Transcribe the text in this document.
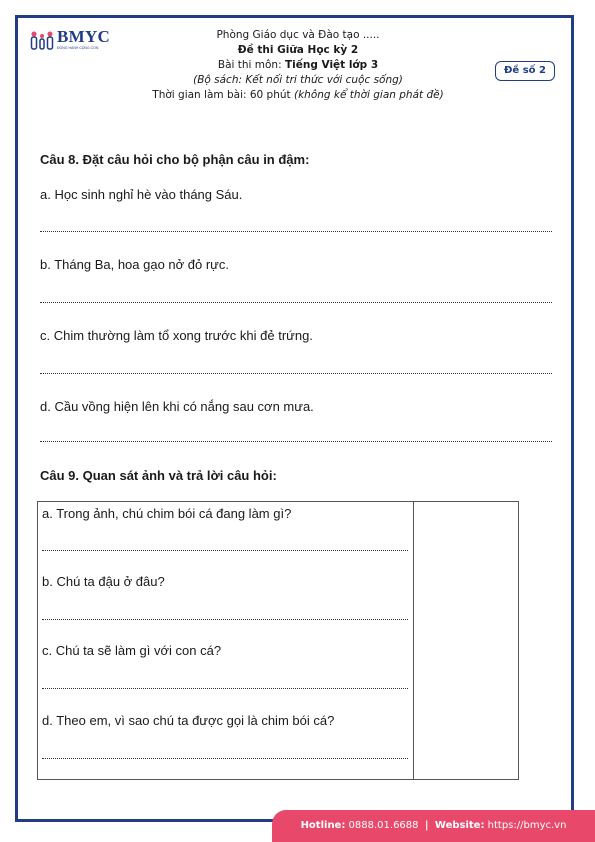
BMYC
ĐỒNG HÀNH CÙNG CON
Phòng Giáo dục và Đào tạo .....
Đề thi Giữa Học kỳ 2
Bài thi môn: Tiếng Việt lớp 3
(Bộ sách: Kết nối tri thức với cuộc sống)
Thời gian làm bài: 60 phút (không kể thời gian phát đề)
Đề số 2
Câu 8. Đặt câu hỏi cho bộ phận câu in đậm:
a. Học sinh nghỉ hè vào tháng Sáu.
b. Tháng Ba, hoa gạo nở đỏ rực.
c. Chim thường làm tổ xong trước khi đẻ trứng.
d. Cầu vồng hiện lên khi có nắng sau cơn mưa.
Câu 9. Quan sát ảnh và trả lời câu hỏi:
a. Trong ảnh, chú chim bói cá đang làm gì?
b. Chú ta đậu ở đâu?
c. Chú ta sẽ làm gì với con cá?
d. Theo em, vì sao chú ta được gọi là chim bói cá?
Hotline: 0888.01.6688 | Website: https://bmyc.vn
